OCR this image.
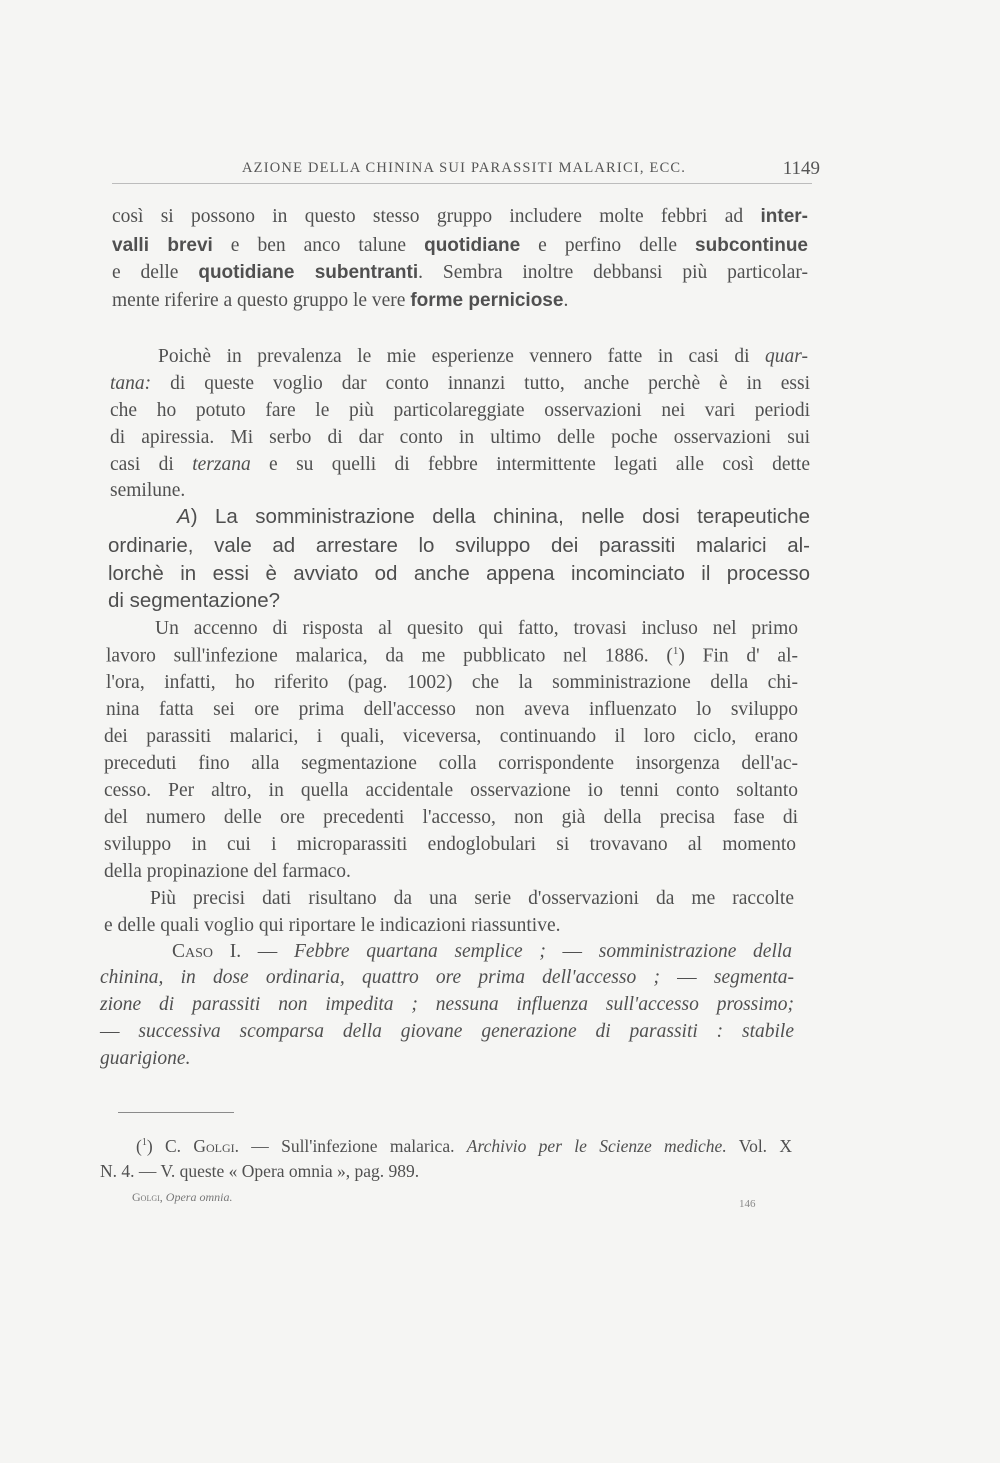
AZIONE DELLA CHININA SUI PARASSITI MALARICI, ECC.	1149
così si possono in questo stesso gruppo includere molte febbri ad inter-
valli brevi e ben anco talune quotidiane e perfino delle subcontinue
e delle quotidiane subentranti. Sembra inoltre debbansi più particolar-
mente riferire a questo gruppo le vere forme perniciose.
Poichè in prevalenza le mie esperienze vennero fatte in casi di quar-
tana: di queste voglio dar conto innanzi tutto, anche perchè è in essi
che ho potuto fare le più particolareggiate osservazioni nei vari periodi
di apiressia. Mi serbo di dar conto in ultimo delle poche osservazioni sui
casi di terzana e su quelli di febbre intermittente legati alle così dette
semilune.
A) La somministrazione della chinina, nelle dosi terapeutiche
ordinarie, vale ad arrestare lo sviluppo dei parassiti malarici al-
lorchè in essi è avviato od anche appena incominciato il processo
di segmentazione?
Un accenno di risposta al quesito qui fatto, trovasi incluso nel primo
lavoro sull'infezione malarica, da me pubblicato nel 1886. ($^1$) Fin d' al-
l'ora, infatti, ho riferito (pag. 1002) che la somministrazione della chi-
nina fatta sei ore prima dell'accesso non aveva influenzato lo sviluppo
dei parassiti malarici, i quali, viceversa, continuando il loro ciclo, erano
preceduti fino alla segmentazione colla corrispondente insorgenza dell'ac-
cesso. Per altro, in quella accidentale osservazione io tenni conto soltanto
del numero delle ore precedenti l'accesso, non già della precisa fase di
sviluppo in cui i microparassiti endoglobulari si trovavano al momento
della propinazione del farmaco.
Più precisi dati risultano da una serie d'osservazioni da me raccolte
e delle quali voglio qui riportare le indicazioni riassuntive.
Caso I. — Febbre quartana semplice ; — somministrazione della
chinina, in dose ordinaria, quattro ore prima dell'accesso ; — segmenta-
zione di parassiti non impedita ; nessuna influenza sull'accesso prossimo;
— successiva scomparsa della giovane generazione di parassiti : stabile
guarigione.
($^1$) C. Golgi. — Sull'infezione malarica. Archivio per le Scienze mediche. Vol. X
N. 4. — V. queste « Opera omnia », pag. 989.
Golgi, Opera omnia.	146
